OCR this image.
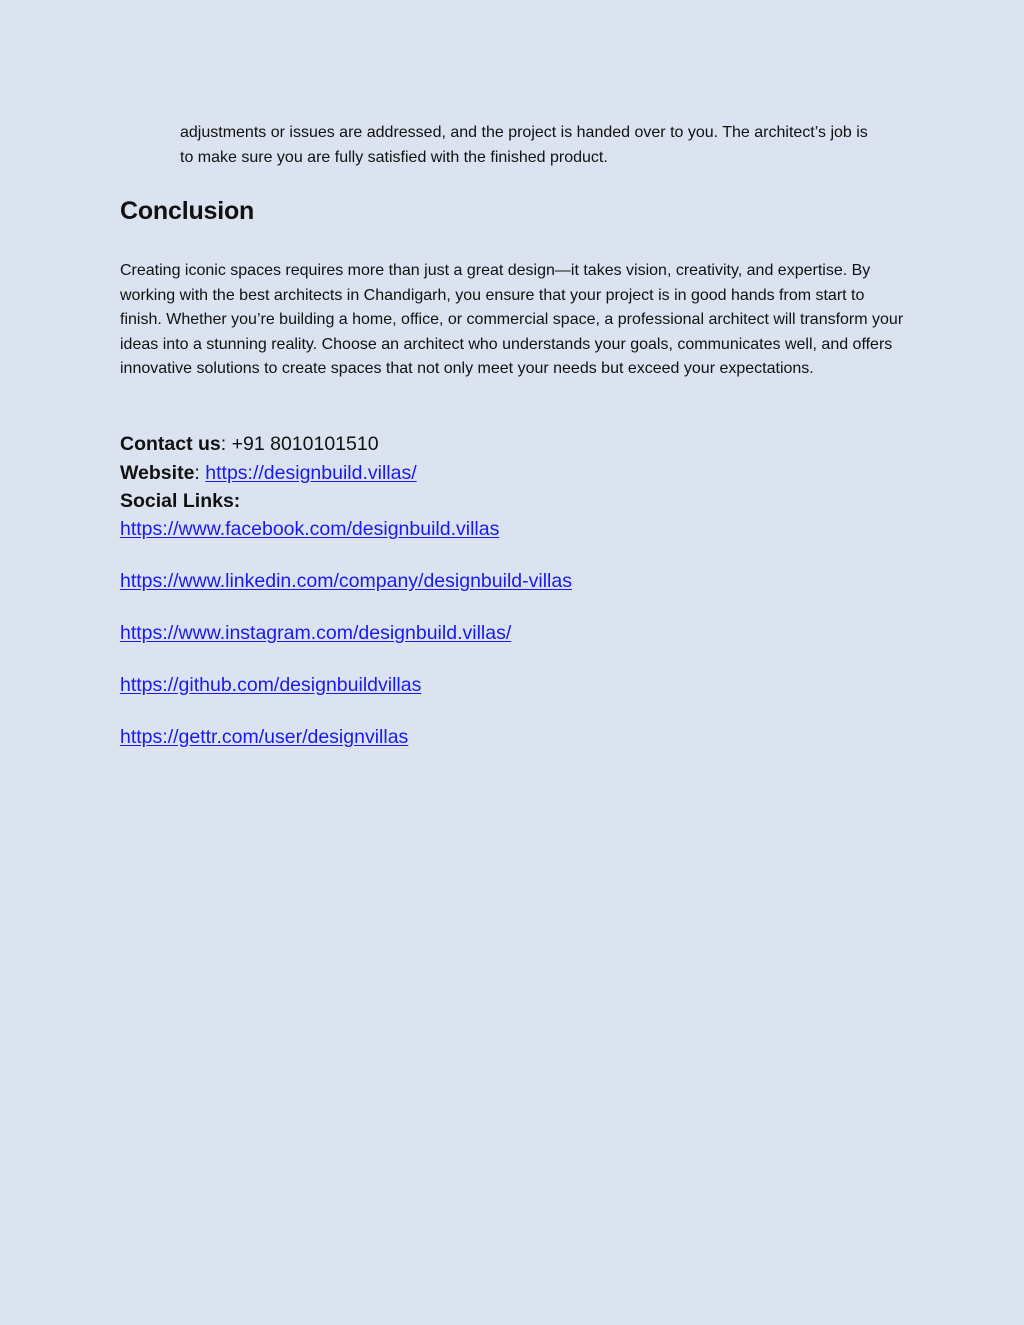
adjustments or issues are addressed, and the project is handed over to you. The architect’s job is to make sure you are fully satisfied with the finished product.

Conclusion

Creating iconic spaces requires more than just a great design—it takes vision, creativity, and expertise. By working with the best architects in Chandigarh, you ensure that your project is in good hands from start to finish. Whether you’re building a home, office, or commercial space, a professional architect will transform your ideas into a stunning reality. Choose an architect who understands your goals, communicates well, and offers innovative solutions to create spaces that not only meet your needs but exceed your expectations.

Contact us: +91 8010101510
Website: https://designbuild.villas/
Social Links:
https://www.facebook.com/designbuild.villas
https://www.linkedin.com/company/designbuild-villas
https://www.instagram.com/designbuild.villas/
https://github.com/designbuildvillas
https://gettr.com/user/designvillas
